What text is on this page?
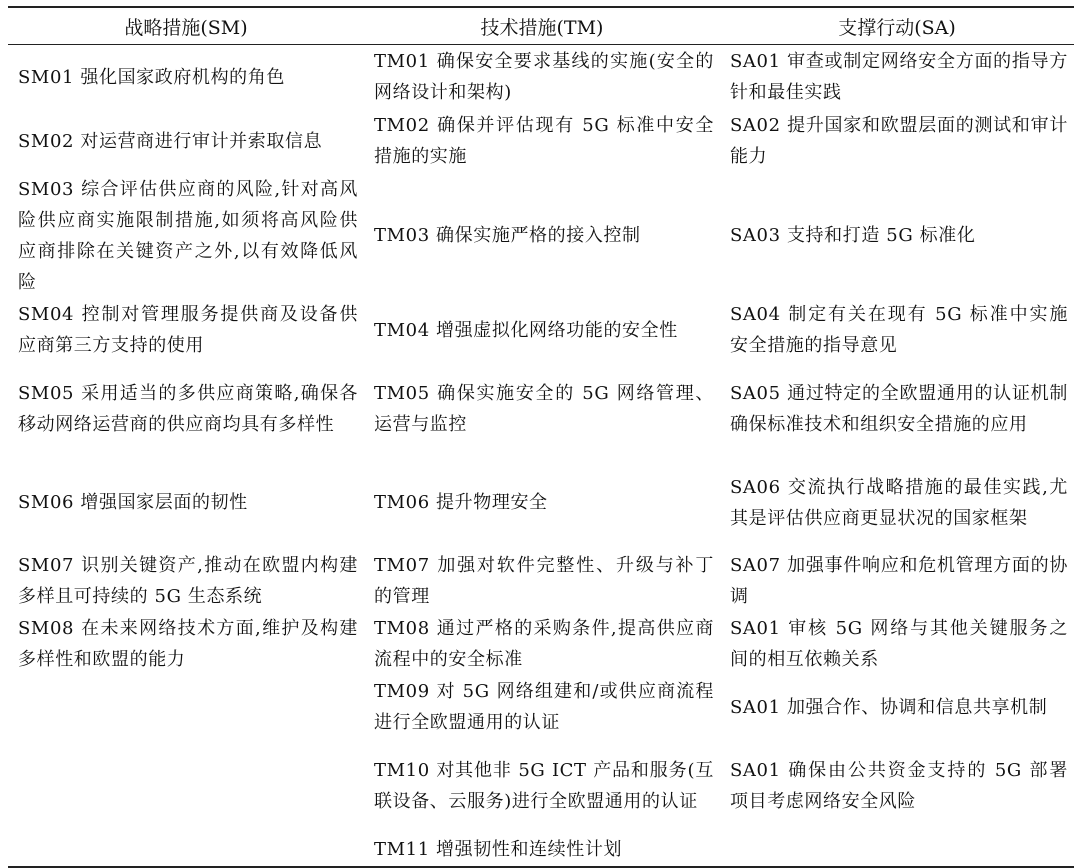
战略措施(SM)	技术措施(TM)	支撑行动(SA)
SM01 强化国家政府机构的角色	TM01 确保安全要求基线的实施(安全的网络设计和架构)	SA01 审查或制定网络安全方面的指导方针和最佳实践
SM02 对运营商进行审计并索取信息	TM02 确保并评估现有 5G 标准中安全措施的实施	SA02 提升国家和欧盟层面的测试和审计能力
SM03 综合评估供应商的风险,针对高风险供应商实施限制措施,如须将高风险供应商排除在关键资产之外,以有效降低风险	TM03 确保实施严格的接入控制	SA03 支持和打造 5G 标准化
SM04 控制对管理服务提供商及设备供应商第三方支持的使用	TM04 增强虚拟化网络功能的安全性	SA04 制定有关在现有 5G 标准中实施安全措施的指导意见
SM05 采用适当的多供应商策略,确保各移动网络运营商的供应商均具有多样性	TM05 确保实施安全的 5G 网络管理、运营与监控	SA05 通过特定的全欧盟通用的认证机制确保标准技术和组织安全措施的应用
SM06 增强国家层面的韧性	TM06 提升物理安全	SA06 交流执行战略措施的最佳实践,尤其是评估供应商更显状况的国家框架
SM07 识别关键资产,推动在欧盟内构建多样且可持续的 5G 生态系统	TM07 加强对软件完整性、升级与补丁的管理	SA07 加强事件响应和危机管理方面的协调
SM08 在未来网络技术方面,维护及构建多样性和欧盟的能力	TM08 通过严格的采购条件,提高供应商流程中的安全标准	SA01 审核 5G 网络与其他关键服务之间的相互依赖关系
	TM09 对 5G 网络组建和/或供应商流程进行全欧盟通用的认证	SA01 加强合作、协调和信息共享机制
	TM10 对其他非 5G ICT 产品和服务(互联设备、云服务)进行全欧盟通用的认证	SA01 确保由公共资金支持的 5G 部署项目考虑网络安全风险
	TM11 增强韧性和连续性计划	
